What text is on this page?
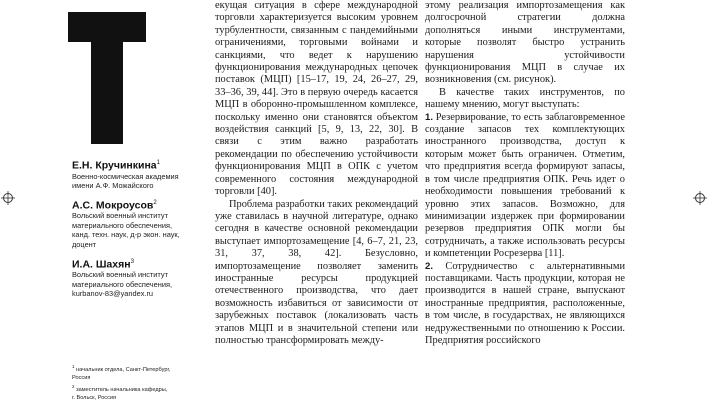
Е.Н. Кручинкина$^1$
Военно-космическая академия
имени А.Ф. Можайского
А.С. Мокроусов$^2$
Вольский военный институт
материального обеспечения,
канд. техн. наук, д-р экон. наук,
доцент
И.А. Шахян$^3$
Вольский военный институт
материального обеспечения,
kurbanov-83@yandex.ru
$^1$ начальник отдела, Санкт-Петербург,
Россия
$^2$ заместитель начальника кафедры,
г. Вольск, Россия

екущая ситуация в сфере международной торговли характеризуется высоким уровнем турбулентности, связанным с пандемийными ограничениями, торговыми войнами и санкциями, что ведет к нарушению функционирования международных цепочек поставок (МЦП) [15–17, 19, 24, 26–27, 29, 33–36, 39, 44]. Это в первую очередь касается МЦП в оборонно-промышленном комплексе, поскольку именно они становятся объектом воздействия санкций [5, 9, 13, 22, 30]. В связи с этим важно разработать рекомендации по обеспечению устойчивости функционирования МЦП в ОПК с учетом современного состояния международной торговли [40].

Проблема разработки таких рекомендаций уже ставилась в научной литературе, однако сегодня в качестве основной рекомендации выступает импортозамещение [4, 6–7, 21, 23, 31, 37, 38, 42]. Безусловно, импортозамещение позволяет заменить иностранные ресурсы продукцией отечественного производства, что дает возможность избавиться от зависимости от зарубежных поставок (локализовать часть этапов МЦП и в значительной степени или полностью трансформировать между-

этому реализация импортозамещения как долгосрочной стратегии должна дополняться иными инструментами, которые позволят быстро устранить нарушения устойчивости функционирования МЦП в случае их возникновения (см. рисунок).

В качестве таких инструментов, по нашему мнению, могут выступать:

1. Резервирование, то есть заблаговременное создание запасов тех комплектующих иностранного производства, доступ к которым может быть ограничен. Отметим, что предприятия всегда формируют запасы, в том числе предприятия ОПК. Речь идет о необходимости повышения требований к уровню этих запасов. Возможно, для минимизации издержек при формировании резервов предприятия ОПК могли бы сотрудничать, а также использовать ресурсы и компетенции Росрезерва [11].

2. Сотрудничество с альтернативными поставщиками. Часть продукции, которая не производится в нашей стране, выпускают иностранные предприятия, расположенные, в том числе, в государствах, не являющихся недружественными по отношению к России. Предприятия российского
